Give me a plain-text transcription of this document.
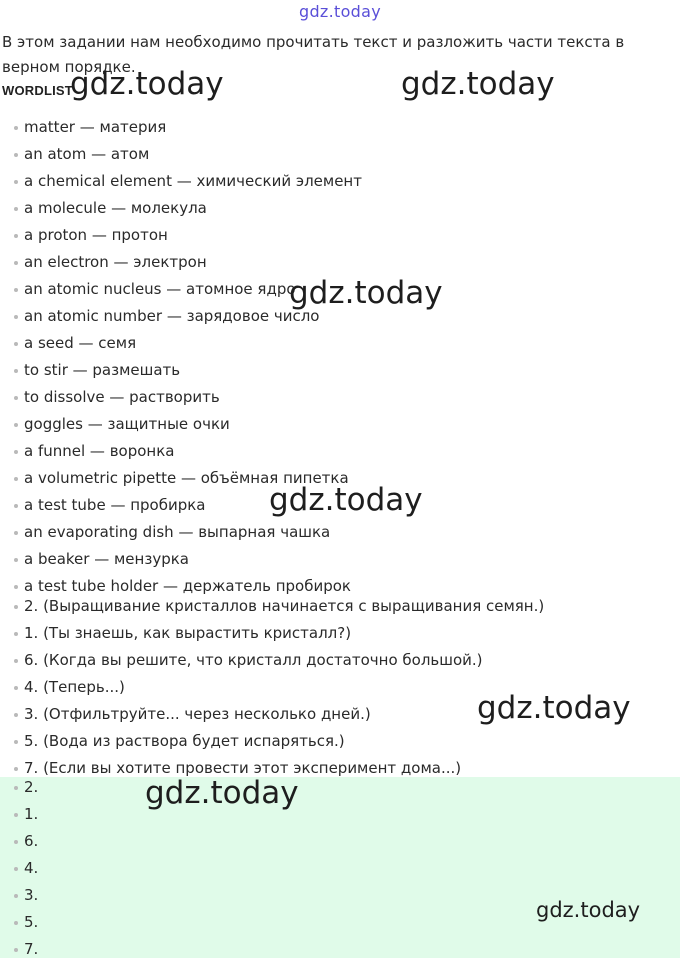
gdz.today

В этом задании нам необходимо прочитать текст и разложить части текста в верном порядке.

WORDLIST
matter — материя
an atom — атом
a chemical element — химический элемент
a molecule — молекула
a proton — протон
an electron — электрон
an atomic nucleus — атомное ядро
an atomic number — зарядовое число
a seed — семя
to stir — размешать
to dissolve — растворить
goggles — защитные очки
a funnel — воронка
a volumetric pipette — объёмная пипетка
a test tube — пробирка
an evaporating dish — выпарная чашка
a beaker — мензурка
a test tube holder — держатель пробирок
2. (Выращивание кристаллов начинается с выращивания семян.)
1. (Ты знаешь, как вырастить кристалл?)
6. (Когда вы решите, что кристалл достаточно большой.)
4. (Теперь...)
3. (Отфильтруйте... через несколько дней.)
5. (Вода из раствора будет испаряться.)
7. (Если вы хотите провести этот эксперимент дома...)
2.
1.
6.
4.
3.
5.
7.
gdz.today	gdz.today
gdz.today
gdz.today
gdz.today
gdz.today
gdz.today
